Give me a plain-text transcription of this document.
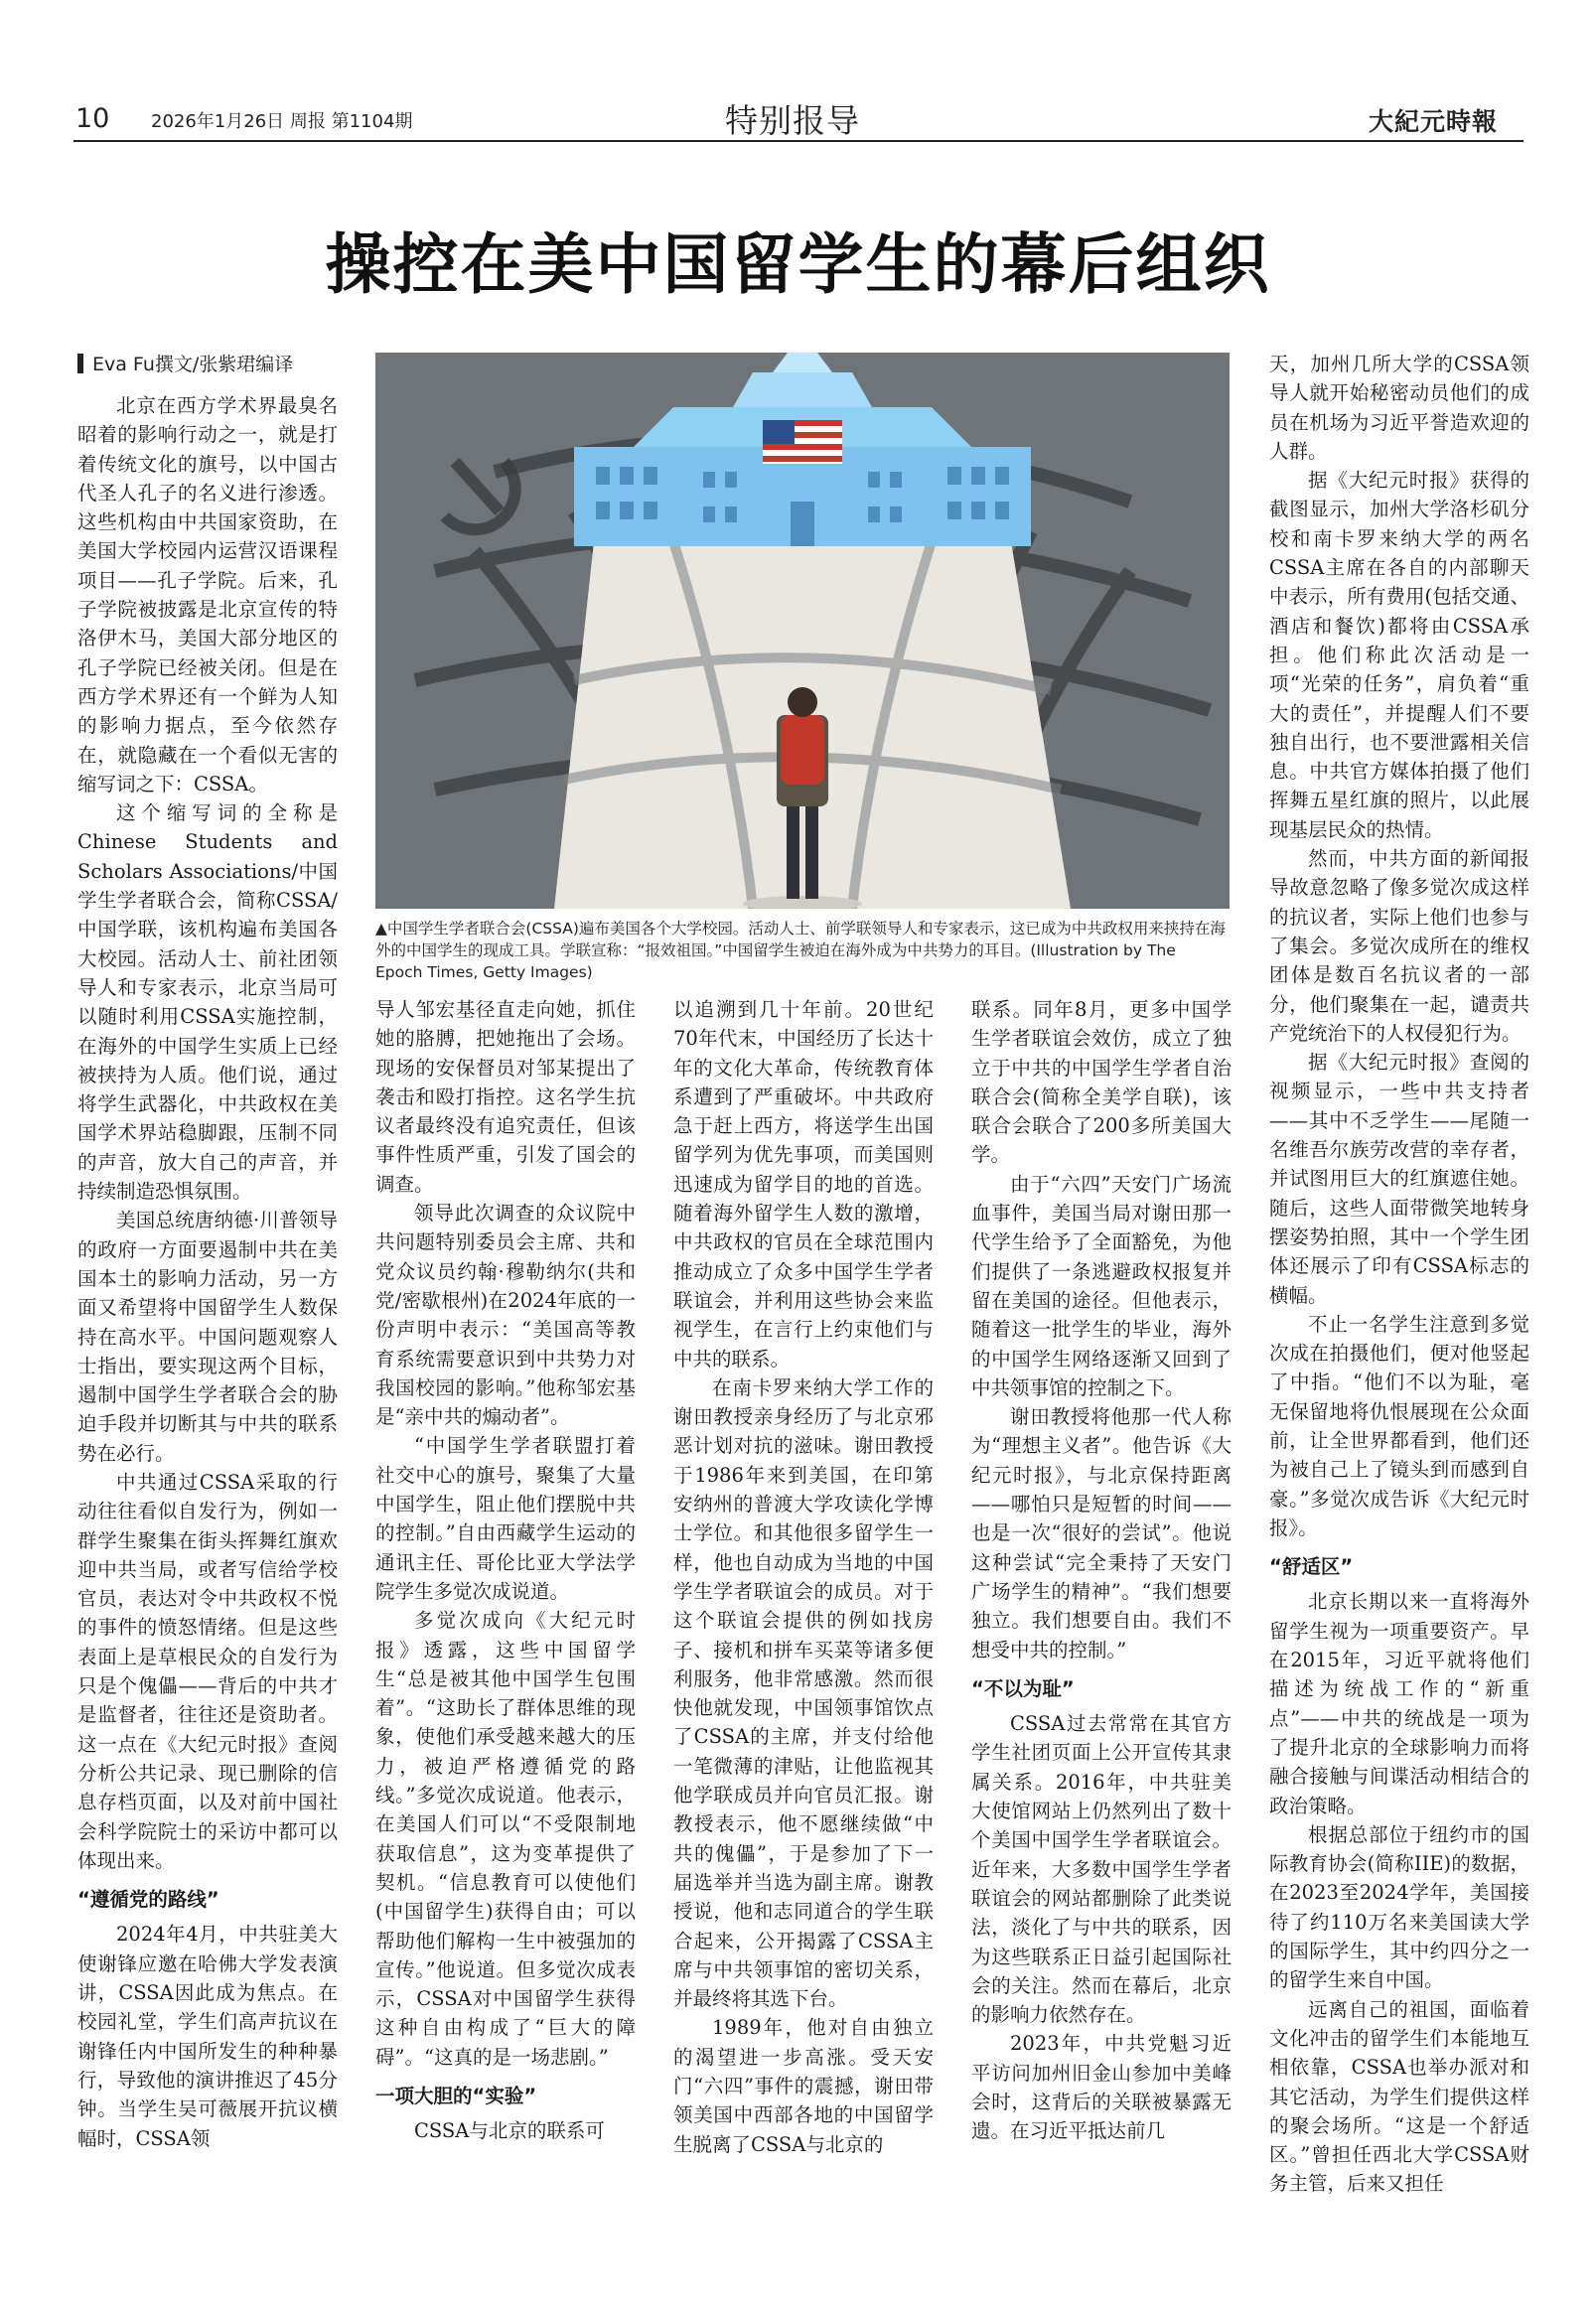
10 2026年1月26日 周报 第1104期	特别报导	大紀元時報
操控在美中国留学生的幕后组织
Eva Fu撰文/张紫珺编译
▲中国学生学者联合会(CSSA)遍布美国各个大学校园。活动人士、前学联领导人和专家表示，这已成为中共政权用来挟持在海外的中国学生的现成工具。学联宣称：“报效祖国。”中国留学生被迫在海外成为中共势力的耳目。(Illustration by The Epoch Times, Getty Images)

北京在西方学术界最臭名昭着的影响行动之一，就是打着传统文化的旗号，以中国古代圣人孔子的名义进行渗透。这些机构由中共国家资助，在美国大学校园内运营汉语课程项目——孔子学院。后来，孔子学院被披露是北京宣传的特洛伊木马，美国大部分地区的孔子学院已经被关闭。但是在西方学术界还有一个鲜为人知的影响力据点，至今依然存在，就隐藏在一个看似无害的缩写词之下：CSSA。

这个缩写词的全称是Chinese Students and Scholars Associations/中国学生学者联合会，简称CSSA/中国学联，该机构遍布美国各大校园。活动人士、前社团领导人和专家表示，北京当局可以随时利用CSSA实施控制，在海外的中国学生实质上已经被挟持为人质。他们说，通过将学生武器化，中共政权在美国学术界站稳脚跟，压制不同的声音，放大自己的声音，并持续制造恐惧氛围。

美国总统唐纳德·川普领导的政府一方面要遏制中共在美国本土的影响力活动，另一方面又希望将中国留学生人数保持在高水平。中国问题观察人士指出，要实现这两个目标，遏制中国学生学者联合会的胁迫手段并切断其与中共的联系势在必行。

中共通过CSSA采取的行动往往看似自发行为，例如一群学生聚集在街头挥舞红旗欢迎中共当局，或者写信给学校官员，表达对令中共政权不悦的事件的愤怒情绪。但是这些表面上是草根民众的自发行为只是个傀儡——背后的中共才是监督者，往往还是资助者。这一点在《大纪元时报》查阅分析公共记录、现已删除的信息存档页面，以及对前中国社会科学院院士的采访中都可以体现出来。

“遵循党的路线”

2024年4月，中共驻美大使谢锋应邀在哈佛大学发表演讲，CSSA因此成为焦点。在校园礼堂，学生们高声抗议在谢锋任内中国所发生的种种暴行，导致他的演讲推迟了45分钟。当学生吴可薇展开抗议横幅时，CSSA领

导人邹宏基径直走向她，抓住她的胳膊，把她拖出了会场。现场的安保督员对邹某提出了袭击和殴打指控。这名学生抗议者最终没有追究责任，但该事件性质严重，引发了国会的调查。

领导此次调查的众议院中共问题特别委员会主席、共和党众议员约翰·穆勒纳尔(共和党/密歇根州)在2024年底的一份声明中表示：“美国高等教育系统需要意识到中共势力对我国校园的影响。”他称邹宏基是“亲中共的煽动者”。

“中国学生学者联盟打着社交中心的旗号，聚集了大量中国学生，阻止他们摆脱中共的控制。”自由西藏学生运动的通讯主任、哥伦比亚大学法学院学生多觉次成说道。

多觉次成向《大纪元时报》透露，这些中国留学生“总是被其他中国学生包围着”。“这助长了群体思维的现象，使他们承受越来越大的压力，被迫严格遵循党的路线。”多觉次成说道。他表示，在美国人们可以“不受限制地获取信息”，这为变革提供了契机。“信息教育可以使他们(中国留学生)获得自由；可以帮助他们解构一生中被强加的宣传。”他说道。但多觉次成表示，CSSA对中国留学生获得这种自由构成了“巨大的障碍”。“这真的是一场悲剧。”

一项大胆的“实验”

CSSA与北京的联系可

以追溯到几十年前。20世纪70年代末，中国经历了长达十年的文化大革命，传统教育体系遭到了严重破坏。中共政府急于赶上西方，将送学生出国留学列为优先事项，而美国则迅速成为留学目的地的首选。随着海外留学生人数的激增，中共政权的官员在全球范围内推动成立了众多中国学生学者联谊会，并利用这些协会来监视学生，在言行上约束他们与中共的联系。

在南卡罗来纳大学工作的谢田教授亲身经历了与北京邪恶计划对抗的滋味。谢田教授于1986年来到美国，在印第安纳州的普渡大学攻读化学博士学位。和其他很多留学生一样，他也自动成为当地的中国学生学者联谊会的成员。对于这个联谊会提供的例如找房子、接机和拼车买菜等诸多便利服务，他非常感激。然而很快他就发现，中国领事馆饮点了CSSA的主席，并支付给他一笔微薄的津贴，让他监视其他学联成员并向官员汇报。谢教授表示，他不愿继续做“中共的傀儡”，于是参加了下一届选举并当选为副主席。谢教授说，他和志同道合的学生联合起来，公开揭露了CSSA主席与中共领事馆的密切关系，并最终将其选下台。

1989年，他对自由独立的渴望进一步高涨。受天安门“六四”事件的震撼，谢田带领美国中西部各地的中国留学生脱离了CSSA与北京的

联系。同年8月，更多中国学生学者联谊会效仿，成立了独立于中共的中国学生学者自治联合会(简称全美学自联)，该联合会联合了200多所美国大学。

由于“六四”天安门广场流血事件，美国当局对谢田那一代学生给予了全面豁免，为他们提供了一条逃避政权报复并留在美国的途径。但他表示，随着这一批学生的毕业，海外的中国学生网络逐渐又回到了中共领事馆的控制之下。

谢田教授将他那一代人称为“理想主义者”。他告诉《大纪元时报》，与北京保持距离——哪怕只是短暂的时间——也是一次“很好的尝试”。他说这种尝试“完全秉持了天安门广场学生的精神”。“我们想要独立。我们想要自由。我们不想受中共的控制。”

“不以为耻”

CSSA过去常常在其官方学生社团页面上公开宣传其隶属关系。2016年，中共驻美大使馆网站上仍然列出了数十个美国中国学生学者联谊会。近年来，大多数中国学生学者联谊会的网站都删除了此类说法，淡化了与中共的联系，因为这些联系正日益引起国际社会的关注。然而在幕后，北京的影响力依然存在。

2023年，中共党魁习近平访问加州旧金山参加中美峰会时，这背后的关联被暴露无遗。在习近平抵达前几

天，加州几所大学的CSSA领导人就开始秘密动员他们的成员在机场为习近平誉造欢迎的人群。

据《大纪元时报》获得的截图显示，加州大学洛杉矶分校和南卡罗来纳大学的两名CSSA主席在各自的内部聊天中表示，所有费用(包括交通、酒店和餐饮)都将由CSSA承担。他们称此次活动是一项“光荣的任务”，肩负着“重大的责任”，并提醒人们不要独自出行，也不要泄露相关信息。中共官方媒体拍摄了他们挥舞五星红旗的照片，以此展现基层民众的热情。

然而，中共方面的新闻报导故意忽略了像多觉次成这样的抗议者，实际上他们也参与了集会。多觉次成所在的维权团体是数百名抗议者的一部分，他们聚集在一起，谴责共产党统治下的人权侵犯行为。

据《大纪元时报》查阅的视频显示，一些中共支持者——其中不乏学生——尾随一名维吾尔族劳改营的幸存者，并试图用巨大的红旗遮住她。随后，这些人面带微笑地转身摆姿势拍照，其中一个学生团体还展示了印有CSSA标志的横幅。

不止一名学生注意到多觉次成在拍摄他们，便对他竖起了中指。“他们不以为耻，毫无保留地将仇恨展现在公众面前，让全世界都看到，他们还为被自己上了镜头到而感到自豪。”多觉次成告诉《大纪元时报》。

“舒适区”

北京长期以来一直将海外留学生视为一项重要资产。早在2015年，习近平就将他们描述为统战工作的“新重点”——中共的统战是一项为了提升北京的全球影响力而将融合接触与间谍活动相结合的政治策略。

根据总部位于纽约市的国际教育协会(简称IIE)的数据，在2023至2024学年，美国接待了约110万名来美国读大学的国际学生，其中约四分之一的留学生来自中国。

远离自己的祖国，面临着文化冲击的留学生们本能地互相依靠，CSSA也举办派对和其它活动，为学生们提供这样的聚会场所。“这是一个舒适区。”曾担任西北大学CSSA财务主管，后来又担任
